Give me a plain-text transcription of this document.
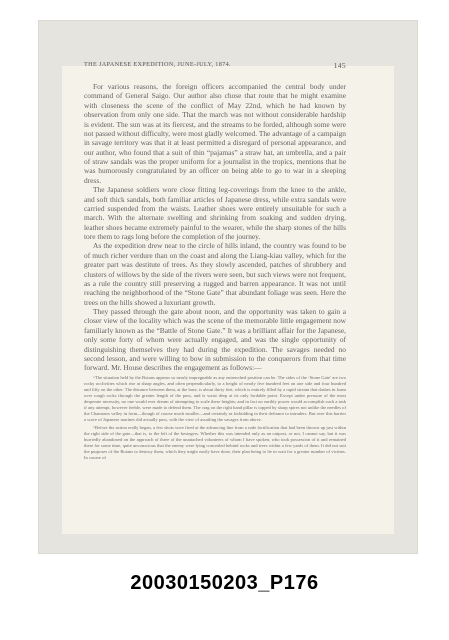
THE JAPANESE EXPEDITION, JUNE-JULY, 1874.	145

For various reasons, the foreign officers accompanied the central body under command of General Saigo. Our author also chose that route that he might examine with closeness the scene of the conflict of May 22nd, which he had known by observation from only one side. That the march was not without considerable hardship is evident. The sun was at its fiercest, and the streams to be forded, although some were not passed without difficulty, were most gladly welcomed. The advantage of a campaign in savage territory was that it at least permitted a disregard of personal appearance, and our author, who found that a suit of thin “pajamas” a straw hat, an umbrella, and a pair of straw sandals was the proper uniform for a journalist in the tropics, mentions that he was humorously congratulated by an officer on being able to go to war in a sleeping dress.

The Japanese soldiers wore close fitting leg-coverings from the knee to the ankle, and soft thick sandals, both familiar articles of Japanese dress, while extra sandals were carried suspended from the waists. Leather shoes were entirely unsuitable for such a march. With the alternate swelling and shrinking from soaking and sudden drying, leather shoes became extremely painful to the wearer, while the sharp stones of the hills tore them to rags long before the completion of the journey.

As the expedition drew near to the circle of hills inland, the country was found to be of much richer verdure than on the coast and along the Liang-kiau valley, which for the greater part was destitute of trees. As they slowly ascended, patches of shrubbery and clusters of willows by the side of the rivers were seen, but such views were not frequent, as a rule the country still preserving a rugged and barren appearance. It was not until reaching the neighborhood of the “Stone Gate” that abundant foliage was seen. Here the trees on the hills showed a luxuriant growth.

They passed through the gate about noon, and the opportunity was taken to gain a closer view of the locality which was the scene of the memorable little engagement now familiarly known as the “Battle of Stone Gate.” It was a brilliant affair for the Japanese, only some forty of whom were actually engaged, and was the single opportunity of distinguishing themselves they had during the expedition. The savages needed no second lesson, and were willing to bow in submission to the conquerors from that time forward. Mr. House describes the engagement as follows:—

“The situation held by the Botans appears so nearly impregnable as any entrenched position can be. The sides of the ‘Stone Gate’ are two rocky acclivities which rise at sharp angles, and often perpendicularly, to a height of nearly five hundred feet on one side and four hundred and fifty on the other. The distance between them, at the base, is about thirty feet, which is entirely filled by a rapid stream that dashes in foam over rough rocks through the greater length of the pass, and is waist deep at its only fordable point. Except under pressure of the most desperate necessity, no one would ever dream of attempting to scale these heights; and in fact no earthly power would accomplish such a task if any attempt, however feeble, were made to defend them. The crag on the right hand pillar is topped by sharp spires not unlike the needles of the Chamonix valley in form—though of course much smaller—and certainly as forbidding in their defiance to intruders. But over this barrier a score of Japanese marines did actually pass, with the view of assailing the savages from above.

“Before the action really began, a few shots were fired at the advancing line from a rude fortification that had been thrown up just within the right side of the gate—that is, to the left of the besiegers. Whether this was intended only as an outpost, or not, I cannot say, but it was hurriedly abandoned on the approach of three of the unattached volunteers of whom I have spoken, who took possession of it and remained there for some time, quite unconscious that the enemy were lying concealed behind rocks and trees within a few yards of them. It did not suit the purposes of the Botans to destroy them, which they might easily have done, their plan being to lie in wait for a greater number of victims. In course of

20030150203_P176
